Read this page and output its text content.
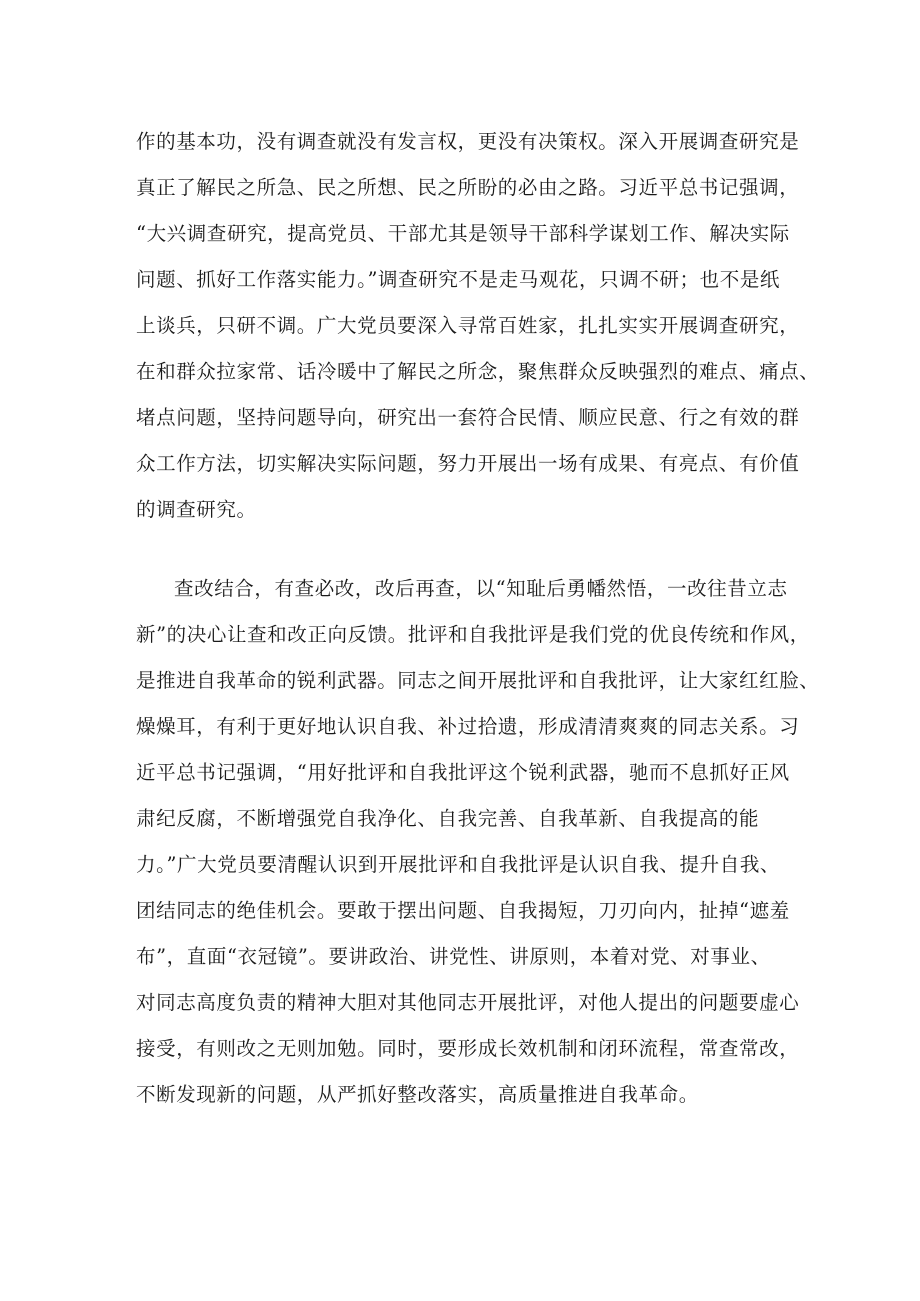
作的基本功，没有调查就没有发言权，更没有决策权。深入开展调查研究是
真正了解民之所急、民之所想、民之所盼的必由之路。习近平总书记强调，
“大兴调查研究，提高党员、干部尤其是领导干部科学谋划工作、解决实际
问题、抓好工作落实能力。”调查研究不是走马观花，只调不研；也不是纸
上谈兵，只研不调。广大党员要深入寻常百姓家，扎扎实实开展调查研究，
在和群众拉家常、话冷暖中了解民之所念，聚焦群众反映强烈的难点、痛点、
堵点问题，坚持问题导向，研究出一套符合民情、顺应民意、行之有效的群
众工作方法，切实解决实际问题，努力开展出一场有成果、有亮点、有价值
的调查研究。
查改结合，有查必改，改后再查，以“知耻后勇幡然悟，一改往昔立志
新”的决心让查和改正向反馈。批评和自我批评是我们党的优良传统和作风，
是推进自我革命的锐利武器。同志之间开展批评和自我批评，让大家红红脸、
燥燥耳，有利于更好地认识自我、补过拾遗，形成清清爽爽的同志关系。习
近平总书记强调，“用好批评和自我批评这个锐利武器，驰而不息抓好正风
肃纪反腐，不断增强党自我净化、自我完善、自我革新、自我提高的能
力。”广大党员要清醒认识到开展批评和自我批评是认识自我、提升自我、
团结同志的绝佳机会。要敢于摆出问题、自我揭短，刀刃向内，扯掉“遮羞
布”，直面“衣冠镜”。要讲政治、讲党性、讲原则，本着对党、对事业、
对同志高度负责的精神大胆对其他同志开展批评，对他人提出的问题要虚心
接受，有则改之无则加勉。同时，要形成长效机制和闭环流程，常查常改，
不断发现新的问题，从严抓好整改落实，高质量推进自我革命。
